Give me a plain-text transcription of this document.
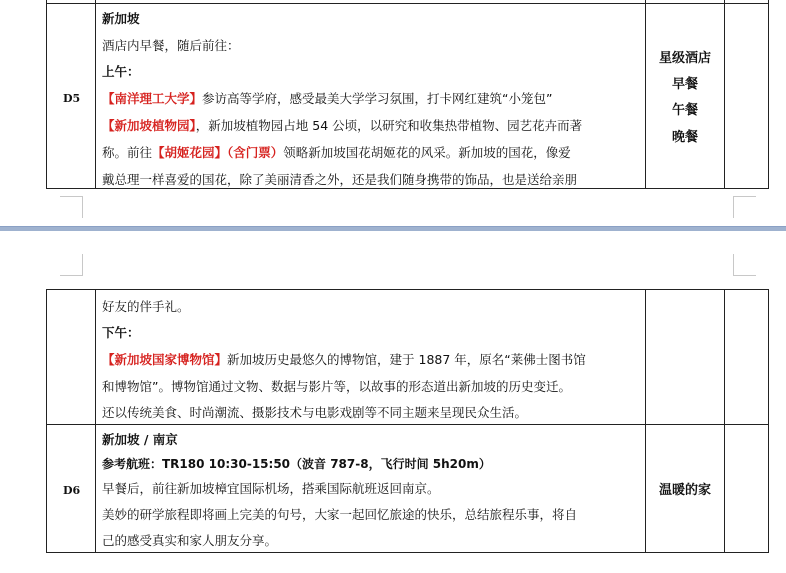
D5
新加坡
酒店内早餐，随后前往：
上午：
【南洋理工大学】参访高等学府，感受最美大学学习氛围，打卡网红建筑“小笼包”
【新加坡植物园】，新加坡植物园占地 54 公顷，以研究和收集热带植物、园艺花卉而著
称。前往【胡姬花园】（含门票）领略新加坡国花胡姬花的风采。新加坡的国花，像爱
戴总理一样喜爱的国花，除了美丽清香之外，还是我们随身携带的饰品，也是送给亲朋
星级酒店
早餐
午餐
晚餐
好友的伴手礼。
下午：
【新加坡国家博物馆】新加坡历史最悠久的博物馆，建于 1887 年，原名“莱佛士图书馆
和博物馆”。博物馆通过文物、数据与影片等，以故事的形态道出新加坡的历史变迁。
还以传统美食、时尚潮流、摄影技术与电影戏剧等不同主题来呈现民众生活。
D6
新加坡 / 南京
参考航班：TR180 10:30-15:50（波音 787-8，飞行时间 5h20m）
早餐后，前往新加坡樟宜国际机场，搭乘国际航班返回南京。
美妙的研学旅程即将画上完美的句号，大家一起回忆旅途的快乐，总结旅程乐事，将自
己的感受真实和家人朋友分享。
温暖的家
